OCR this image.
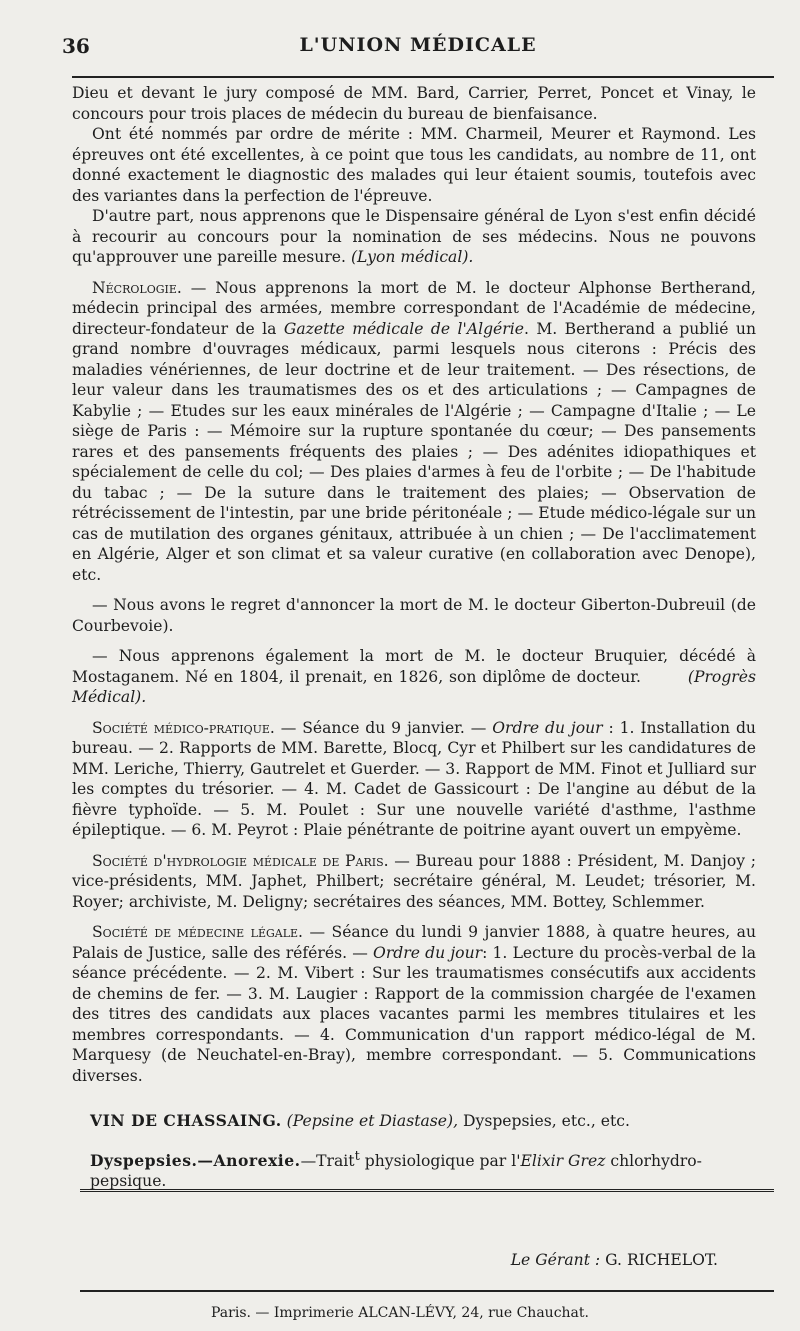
36	L'UNION MÉDICALE

Dieu et devant le jury composé de MM. Bard, Carrier, Perret, Poncet et Vinay, le concours pour trois places de médecin du bureau de bienfaisance.

Ont été nommés par ordre de mérite : MM. Charmeil, Meurer et Raymond. Les épreuves ont été excellentes, à ce point que tous les candidats, au nombre de 11, ont donné exactement le diagnostic des malades qui leur étaient soumis, toutefois avec des variantes dans la perfection de l'épreuve.

D'autre part, nous apprenons que le Dispensaire général de Lyon s'est enfin décidé à recourir au concours pour la nomination de ses médecins. Nous ne pouvons qu'approuver une pareille mesure. (Lyon médical).

Nécrologie. — Nous apprenons la mort de M. le docteur Alphonse Bertherand, médecin principal des armées, membre correspondant de l'Académie de médecine, directeur-fondateur de la Gazette médicale de l'Algérie. M. Bertherand a publié un grand nombre d'ouvrages médicaux, parmi lesquels nous citerons : Précis des maladies vénériennes, de leur doctrine et de leur traitement. — Des résections, de leur valeur dans les traumatismes des os et des articulations ; — Campagnes de Kabylie ; — Etudes sur les eaux minérales de l'Algérie ; — Campagne d'Italie ; — Le siège de Paris : — Mémoire sur la rupture spontanée du cœur; — Des pansements rares et des pansements fréquents des plaies ; — Des adénites idiopathiques et spécialement de celle du col; — Des plaies d'armes à feu de l'orbite ; — De l'habitude du tabac ; — De la suture dans le traitement des plaies; — Observation de rétrécissement de l'intestin, par une bride péritonéale ; — Etude médico-légale sur un cas de mutilation des organes génitaux, attribuée à un chien ; — De l'acclimatement en Algérie, Alger et son climat et sa valeur curative (en collaboration avec Denope), etc.

— Nous avons le regret d'annoncer la mort de M. le docteur Giberton-Dubreuil (de Courbevoie).

— Nous apprenons également la mort de M. le docteur Bruquier, décédé à Mostaganem. Né en 1804, il prenait, en 1826, son diplôme de docteur.	(Progrès Médical).

Société médico-pratique. — Séance du 9 janvier. — Ordre du jour : 1. Installation du bureau. — 2. Rapports de MM. Barette, Blocq, Cyr et Philbert sur les candidatures de MM. Leriche, Thierry, Gautrelet et Guerder. — 3. Rapport de MM. Finot et Julliard sur les comptes du trésorier. — 4. M. Cadet de Gassicourt : De l'angine au début de la fièvre typhoïde. — 5. M. Poulet : Sur une nouvelle variété d'asthme, l'asthme épileptique. — 6. M. Peyrot : Plaie pénétrante de poitrine ayant ouvert un empyème.

Société d'hydrologie médicale de Paris. — Bureau pour 1888 : Président, M. Danjoy ; vice-présidents, MM. Japhet, Philbert; secrétaire général, M. Leudet; trésorier, M. Royer; archiviste, M. Deligny; secrétaires des séances, MM. Bottey, Schlemmer.

Société de médecine légale. — Séance du lundi 9 janvier 1888, à quatre heures, au Palais de Justice, salle des référés. — Ordre du jour: 1. Lecture du procès-verbal de la séance précédente. — 2. M. Vibert : Sur les traumatismes consécutifs aux accidents de chemins de fer. — 3. M. Laugier : Rapport de la commission chargée de l'examen des titres des candidats aux places vacantes parmi les membres titulaires et les membres correspondants. — 4. Communication d'un rapport médico-légal de M. Marquesy (de Neuchatel-en-Bray), membre correspondant. — 5. Communications diverses.

VIN DE CHASSAING. (Pepsine et Diastase), Dyspepsies, etc., etc.
Dyspepsies.—Anorexie.—Trait$^t$ physiologique par l'Elixir Grez chlorhydro-pepsique.
Le Gérant : G. RICHELOT.
Paris. — Imprimerie ALCAN-LÉVY, 24, rue Chauchat.
